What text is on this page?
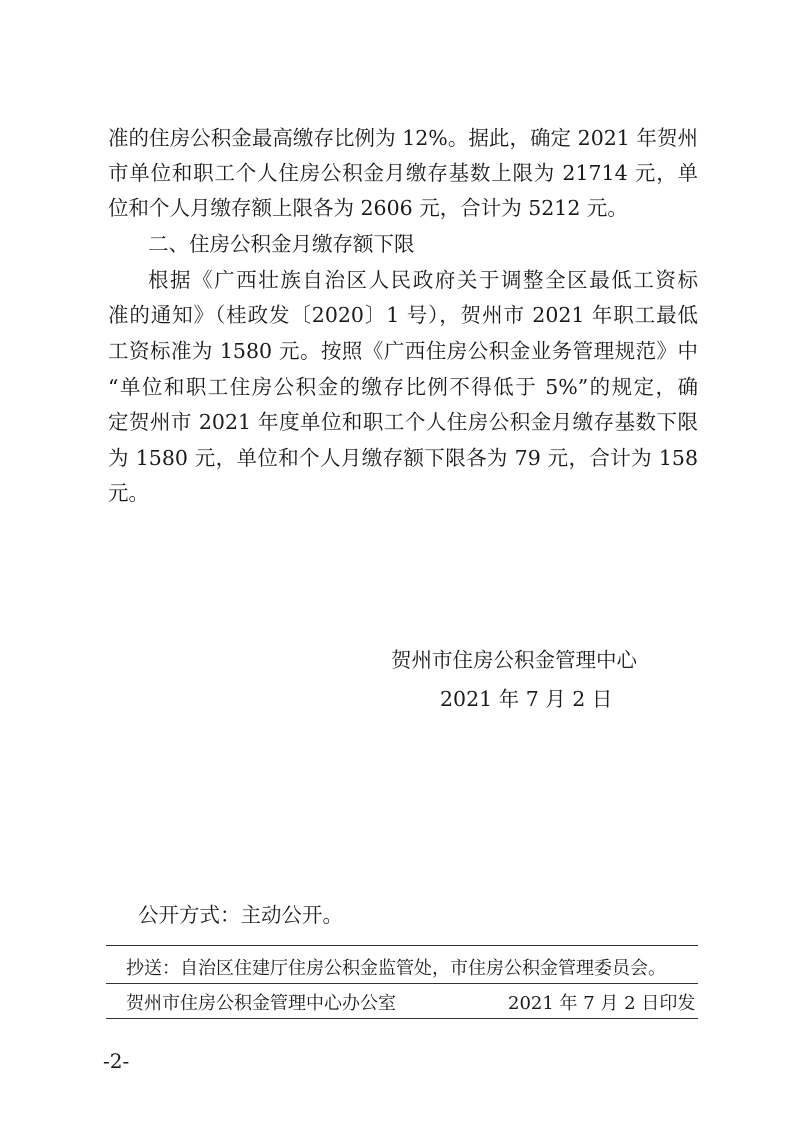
准的住房公积金最高缴存比例为 12%。据此，确定 2021 年贺州
市单位和职工个人住房公积金月缴存基数上限为 21714 元，单
位和个人月缴存额上限各为 2606 元，合计为 5212 元。
二、住房公积金月缴存额下限
根据《广西壮族自治区人民政府关于调整全区最低工资标
准的通知》（桂政发〔2020〕1 号），贺州市 2021 年职工最低
工资标准为 1580 元。按照《广西住房公积金业务管理规范》中
“单位和职工住房公积金的缴存比例不得低于 5%”的规定，确
定贺州市 2021 年度单位和职工个人住房公积金月缴存基数下限
为 1580 元，单位和个人月缴存额下限各为 79 元，合计为 158
元。
贺州市住房公积金管理中心
2021 年 7 月 2 日
公开方式：主动公开。
抄送：自治区住建厅住房公积金监管处，市住房公积金管理委员会。
贺州市住房公积金管理中心办公室	2021 年 7 月 2 日印发
-2-
